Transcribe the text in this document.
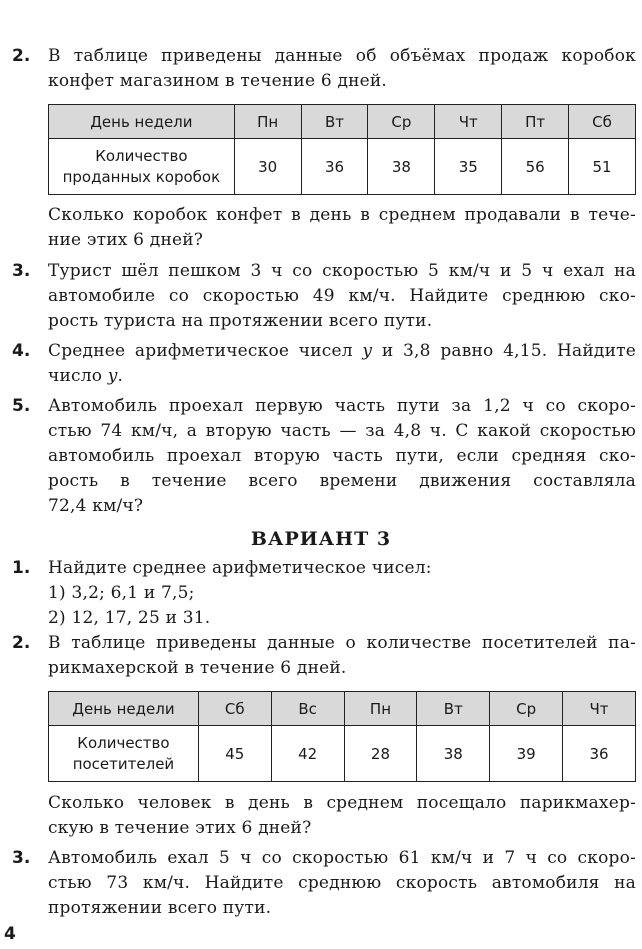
2. В таблице приведены данные об объёмах продаж коробок
конфет магазином в течение 6 дней.
День недели	Пн	Вт	Ср	Чт	Пт	Сб
Количество
проданных коробок	30	36	38	35	56	51
Сколько коробок конфет в день в среднем продавали в тече-
ние этих 6 дней?
3. Турист шёл пешком 3 ч со скоростью 5 км/ч и 5 ч ехал на
автомобиле со скоростью 49 км/ч. Найдите среднюю ско-
рость туриста на протяжении всего пути.
4. Среднее арифметическое чисел y и 3,8 равно 4,15. Найдите
число y.
5. Автомобиль проехал первую часть пути за 1,2 ч со скоро-
стью 74 км/ч, а вторую часть — за 4,8 ч. С какой скоростью
автомобиль проехал вторую часть пути, если средняя ско-
рость в течение всего времени движения составляла
72,4 км/ч?
ВАРИАНТ 3
1. Найдите среднее арифметическое чисел:
1) 3,2; 6,1 и 7,5;
2) 12, 17, 25 и 31.
2. В таблице приведены данные о количестве посетителей па-
рикмахерской в течение 6 дней.
День недели	Сб	Вс	Пн	Вт	Ср	Чт
Количество
посетителей	45	42	28	38	39	36
Сколько человек в день в среднем посещало парикмахер-
скую в течение этих 6 дней?
3. Автомобиль ехал 5 ч со скоростью 61 км/ч и 7 ч со скоро-
стью 73 км/ч. Найдите среднюю скорость автомобиля на
протяжении всего пути.
4
